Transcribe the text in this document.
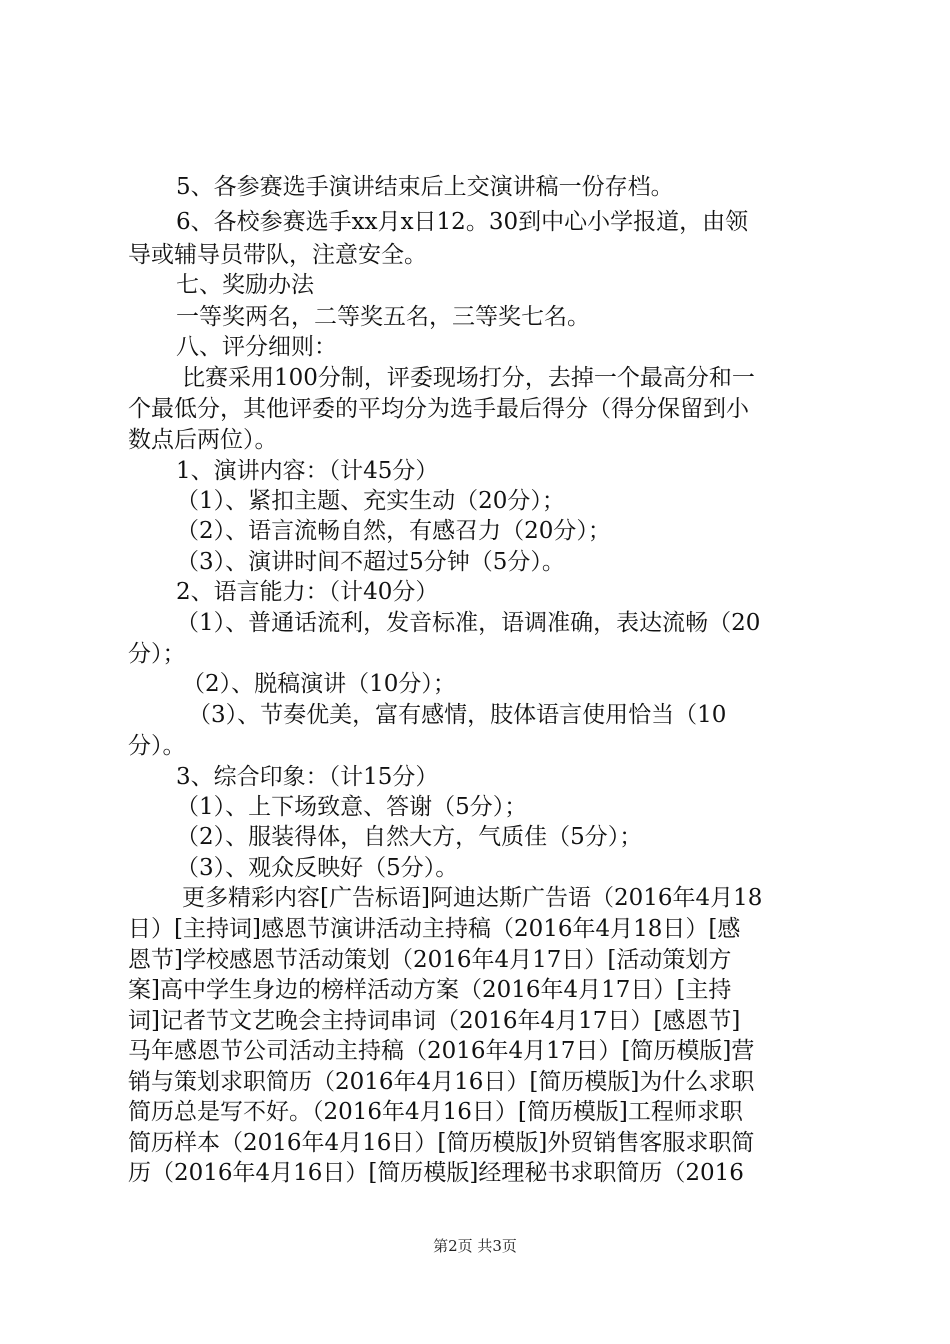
5、各参赛选手演讲结束后上交演讲稿一份存档。
6、各校参赛选手xx月x日12。30到中心小学报道，由领
导或辅导员带队，注意安全。
七、奖励办法
一等奖两名，二等奖五名，三等奖七名。
八、评分细则：
比赛采用100分制，评委现场打分，去掉一个最高分和一
个最低分，其他评委的平均分为选手最后得分（得分保留到小
数点后两位）。
1、演讲内容：（计45分）
（1）、紧扣主题、充实生动（20分）；
（2）、语言流畅自然，有感召力（20分）；
（3）、演讲时间不超过5分钟（5分）。
2、语言能力：（计40分）
（1）、普通话流利，发音标准，语调准确，表达流畅（20
分）；
（2）、脱稿演讲（10分）；
（3）、节奏优美，富有感情，肢体语言使用恰当（10
分）。
3、综合印象：（计15分）
（1）、上下场致意、答谢（5分）；
（2）、服装得体，自然大方，气质佳（5分）；
（3）、观众反映好（5分）。
更多精彩内容[广告标语]阿迪达斯广告语（2016年4月18
日）[主持词]感恩节演讲活动主持稿（2016年4月18日）[感
恩节]学校感恩节活动策划（2016年4月17日）[活动策划方
案]高中学生身边的榜样活动方案（2016年4月17日）[主持
词]记者节文艺晚会主持词串词（2016年4月17日）[感恩节]
马年感恩节公司活动主持稿（2016年4月17日）[简历模版]营
销与策划求职简历（2016年4月16日）[简历模版]为什么求职
简历总是写不好。（2016年4月16日）[简历模版]工程师求职
简历样本（2016年4月16日）[简历模版]外贸销售客服求职简
历（2016年4月16日）[简历模版]经理秘书求职简历（2016
第2页 共3页
